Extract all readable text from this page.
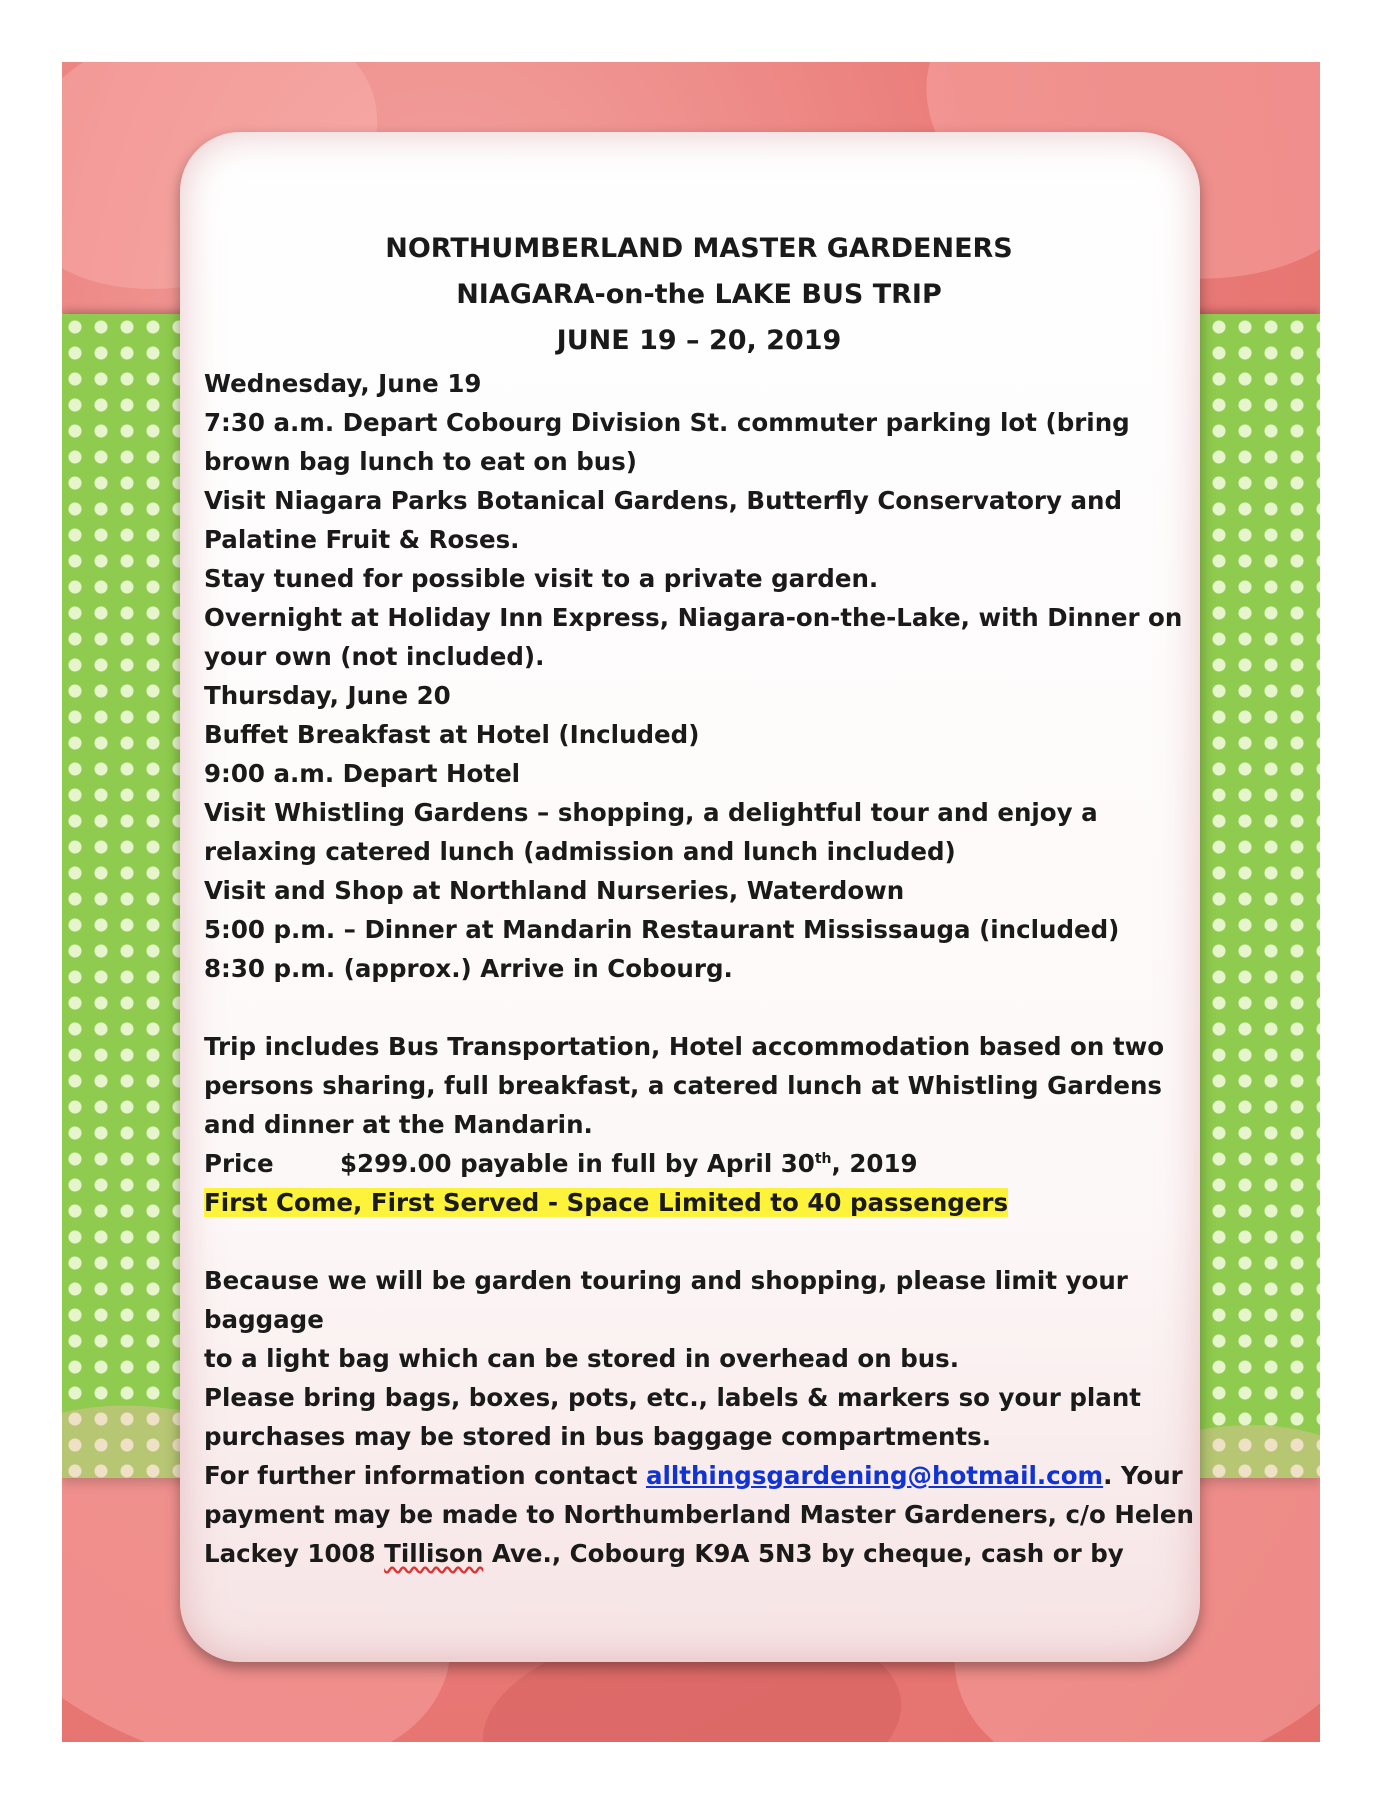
NORTHUMBERLAND MASTER GARDENERS

NIAGARA-on-the LAKE BUS TRIP

JUNE 19 – 20, 2019

Wednesday, June 19

7:30 a.m. Depart Cobourg Division St. commuter parking lot (bring

brown bag lunch to eat on bus)

Visit Niagara Parks Botanical Gardens, Butterfly Conservatory and

Palatine Fruit & Roses.

Stay tuned for possible visit to a private garden.

Overnight at Holiday Inn Express, Niagara-on-the-Lake, with Dinner on

your own (not included).

Thursday, June 20

Buffet Breakfast at Hotel (Included)

9:00 a.m. Depart Hotel

Visit Whistling Gardens – shopping, a delightful tour and enjoy a

relaxing catered lunch (admission and lunch included)

Visit and Shop at Northland Nurseries, Waterdown

5:00 p.m. – Dinner at Mandarin Restaurant Mississauga (included)

8:30 p.m. (approx.) Arrive in Cobourg.

Trip includes Bus Transportation, Hotel accommodation based on two

persons sharing, full breakfast, a catered lunch at Whistling Gardens

and dinner at the Mandarin.

Price	$299.00 payable in full by April 30th, 2019

First Come, First Served - Space Limited to 40 passengers

Because we will be garden touring and shopping, please limit your

baggage

to a light bag which can be stored in overhead on bus.

Please bring bags, boxes, pots, etc., labels & markers so your plant

purchases may be stored in bus baggage compartments.

For further information contact allthingsgardening@hotmail.com. Your

payment may be made to Northumberland Master Gardeners, c/o Helen

Lackey 1008 Tillison Ave., Cobourg K9A 5N3 by cheque, cash or by
